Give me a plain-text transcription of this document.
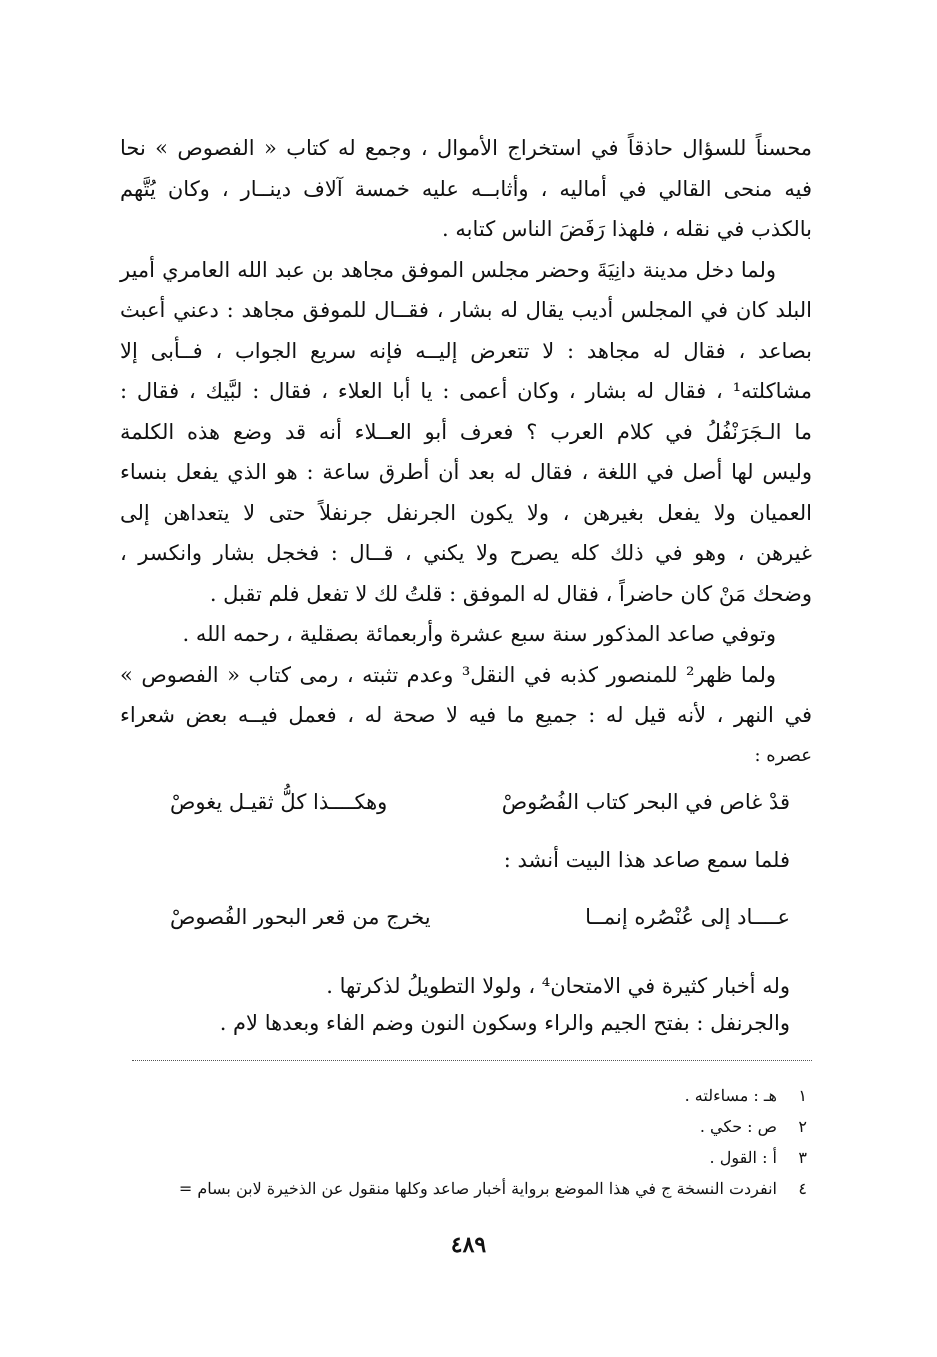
محسناً للسؤال حاذقاً في استخراج الأموال ، وجمع له كتاب « الفصوص » نحا
فيه منحى القالي في أماليه ، وأثابــه عليه خمسة آلاف دينــار ، وكان يُتَّهم
بالكذب في نقله ، فلهذا رَفَضَ الناس كتابه .
ولما دخل مدينة دانِيَةَ وحضر مجلس الموفق مجاهد بن عبد الله العامري أمير
البلد كان في المجلس أديب يقال له بشار ، فقــال للموفق مجاهد : دعني أعبث
بصاعد ، فقال له مجاهد : لا تتعرض إليــه فإنه سريع الجواب ، فــأبى إلا
مشاكلته¹ ، فقال له بشار ، وكان أعمى : يا أبا العلاء ، فقال : لبَّيك ، فقال :
ما الـجَرَنْفُلُ في كلام العرب ؟ فعرف أبو العــلاء أنه قد وضع هذه الكلمة
وليس لها أصل في اللغة ، فقال له بعد أن أطرق ساعة : هو الذي يفعل بنساء
العميان ولا يفعل بغيرهن ، ولا يكون الجرنفل جرنفلاً حتى لا يتعداهن إلى
غيرهن ، وهو في ذلك كله يصرح ولا يكني ، قــال : فخجل بشار وانكسر ،
وضحك مَنْ كان حاضراً ، فقال له الموفق : قلتُ لك لا تفعل فلم تقبل .
وتوفي صاعد المذكور سنة سبع عشرة وأربعمائة بصقلية ، رحمه الله .
ولما ظهر² للمنصور كذبه في النقل³ وعدم تثبته ، رمى كتاب « الفصوص »
في النهر ، لأنه قيل له : جميع ما فيه لا صحة له ، فعمل فيــه بعض شعراء
عصره :
قدْ غاص في البحر كتاب الفُصُوصْ وهكــــذا كلُّ ثقيـل يغوصْ
فلما سمع صاعد هذا البيت أنشد :
عــــاد إلى عُنْصُره إنمــا يخرج من قعر البحور الفُصوصْ
وله أخبار كثيرة في الامتحان⁴ ، ولولا التطويلُ لذكرتها .
والجرنفل : بفتح الجيم والراء وسكون النون وضم الفاء وبعدها لام .
١هـ : مساءلته .
٢ص : حكي .
٣أ : القول .
٤انفردت النسخة ج في هذا الموضع برواية أخبار صاعد وكلها منقول عن الذخيرة لابن بسام =
٤٨٩
